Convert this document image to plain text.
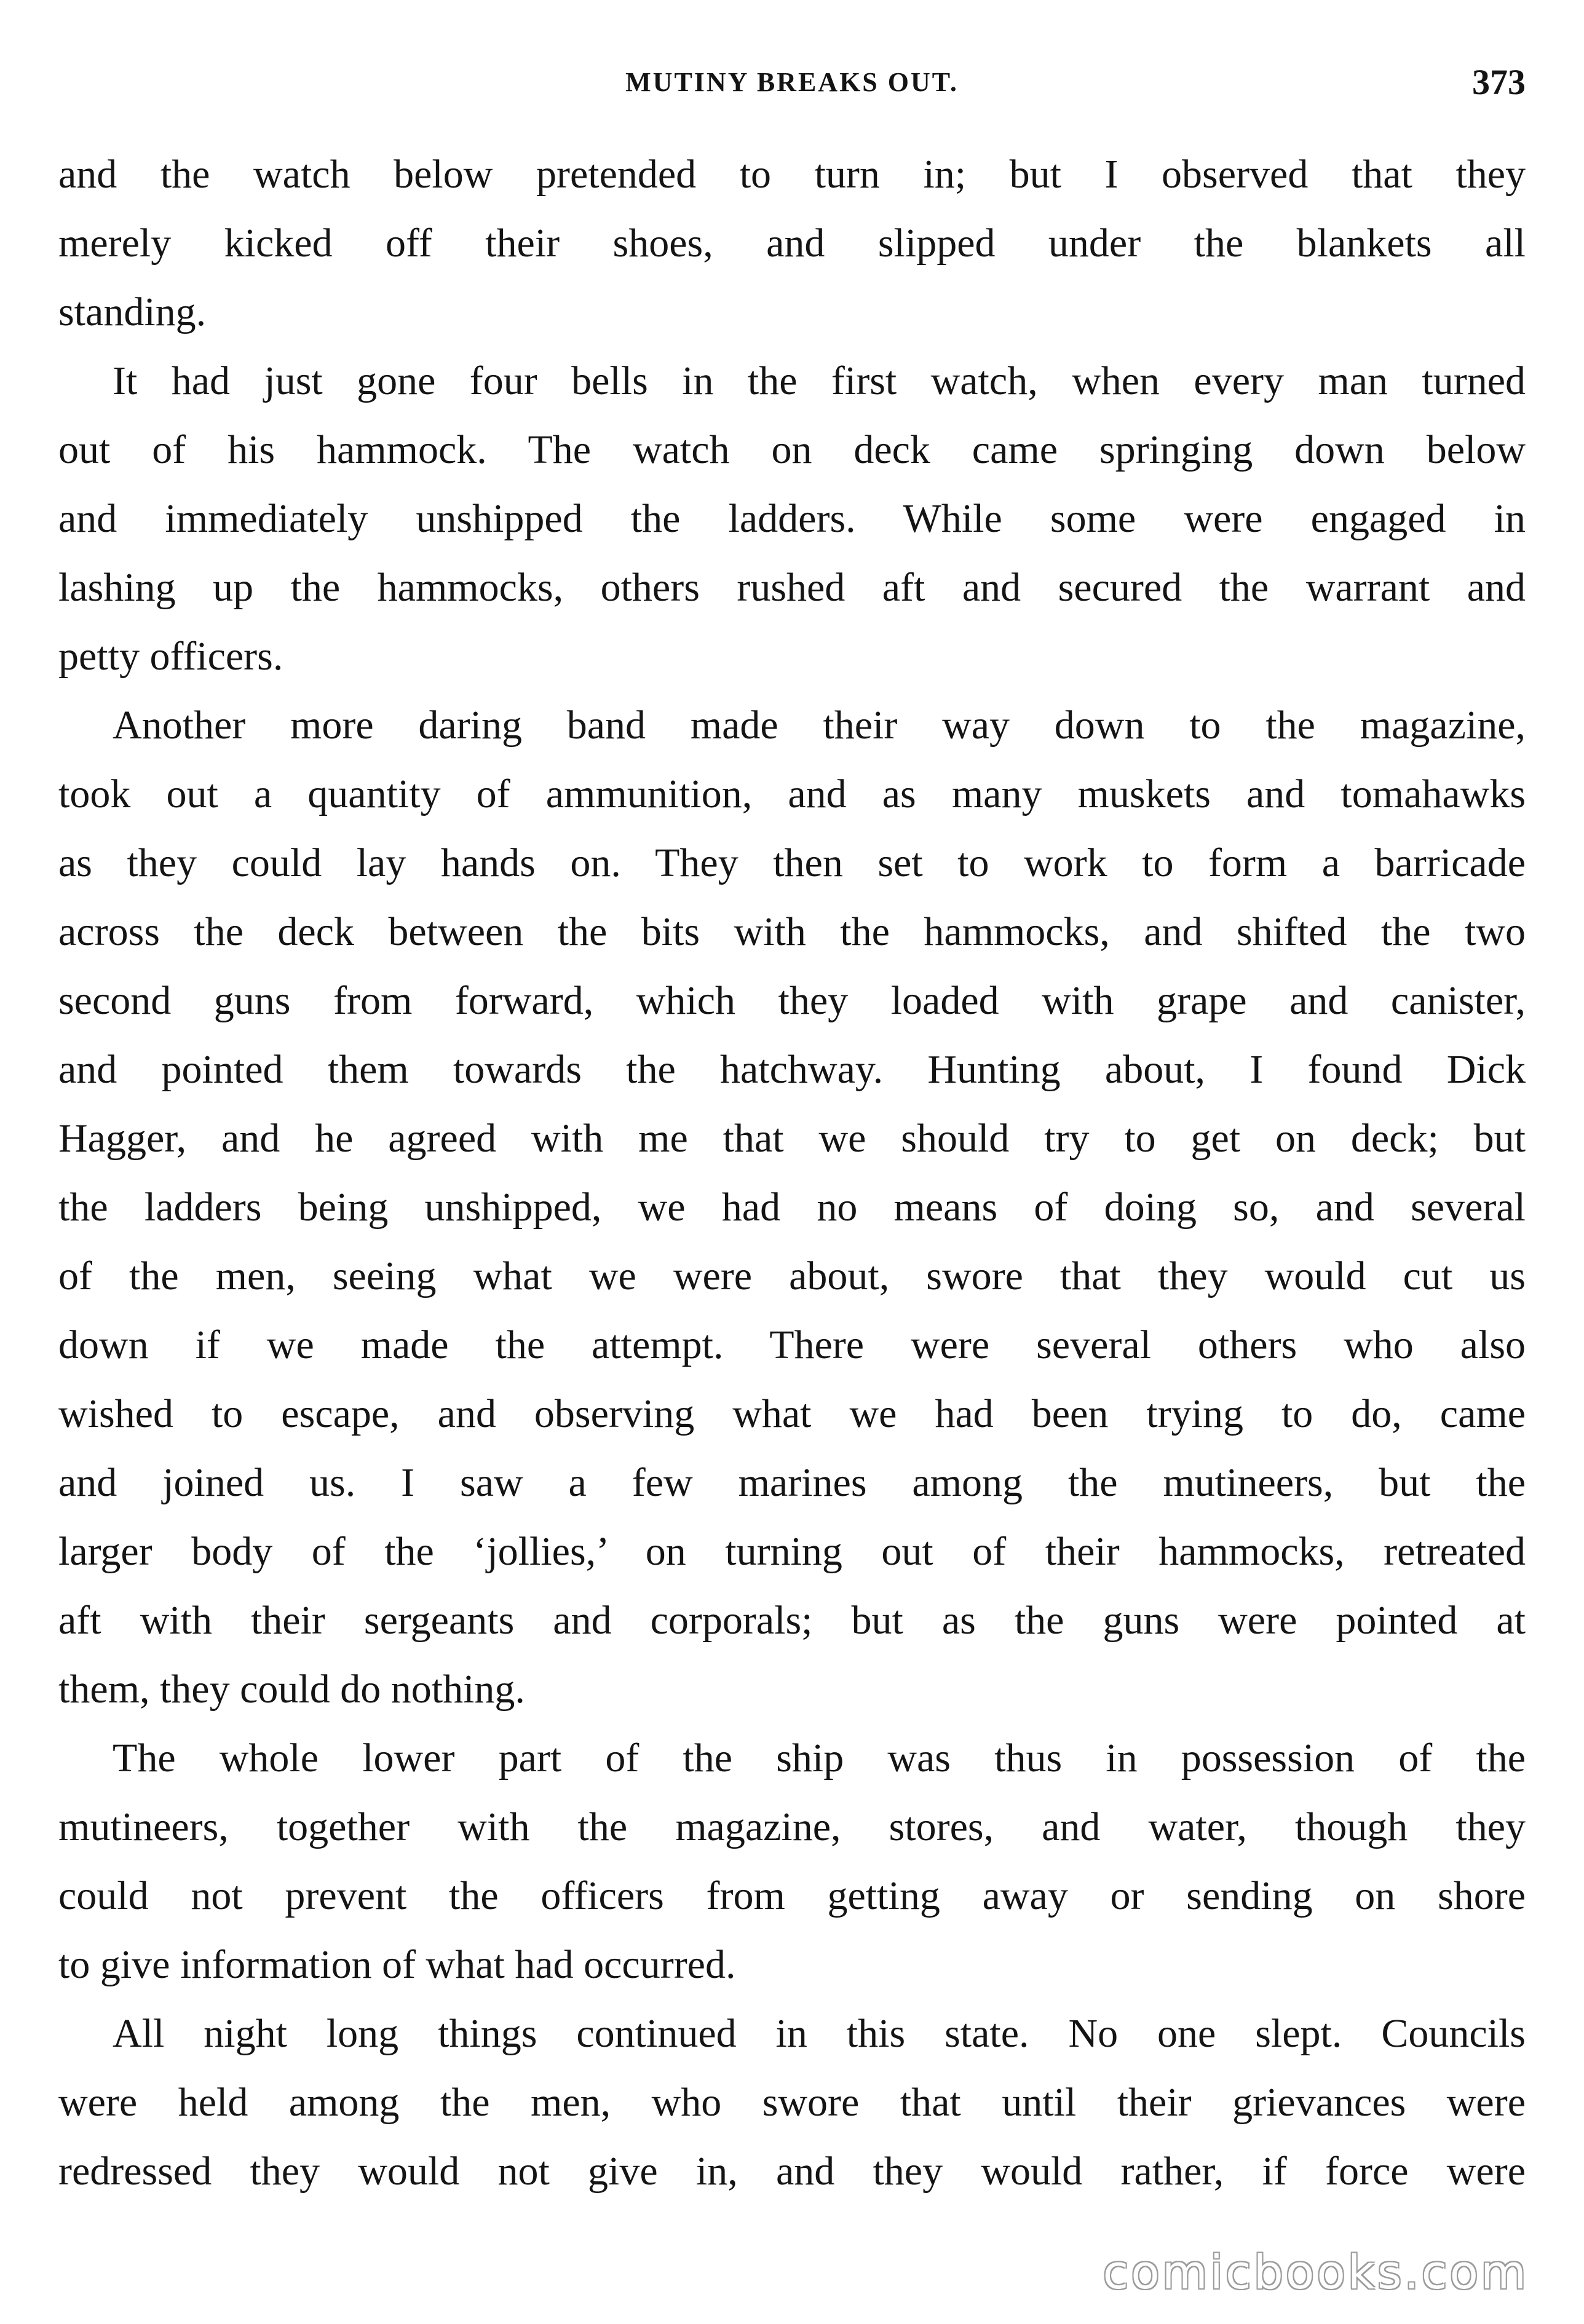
MUTINY BREAKS OUT.	373
and the watch below pretended to turn in; but I observed that they
merely kicked off their shoes, and slipped under the blankets all
standing.
It had just gone four bells in the first watch, when every man turned
out of his hammock. The watch on deck came springing down below
and immediately unshipped the ladders. While some were engaged in
lashing up the hammocks, others rushed aft and secured the warrant and
petty officers.
Another more daring band made their way down to the magazine,
took out a quantity of ammunition, and as many muskets and tomahawks
as they could lay hands on. They then set to work to form a barricade
across the deck between the bits with the hammocks, and shifted the two
second guns from forward, which they loaded with grape and canister,
and pointed them towards the hatchway. Hunting about, I found Dick
Hagger, and he agreed with me that we should try to get on deck; but
the ladders being unshipped, we had no means of doing so, and several
of the men, seeing what we were about, swore that they would cut us
down if we made the attempt. There were several others who also
wished to escape, and observing what we had been trying to do, came
and joined us. I saw a few marines among the mutineers, but the
larger body of the ‘jollies,’ on turning out of their hammocks, retreated
aft with their sergeants and corporals; but as the guns were pointed at
them, they could do nothing.
The whole lower part of the ship was thus in possession of the
mutineers, together with the magazine, stores, and water, though they
could not prevent the officers from getting away or sending on shore
to give information of what had occurred.
All night long things continued in this state. No one slept. Councils
were held among the men, who swore that until their grievances were
redressed they would not give in, and they would rather, if force were
comicbooks.com
